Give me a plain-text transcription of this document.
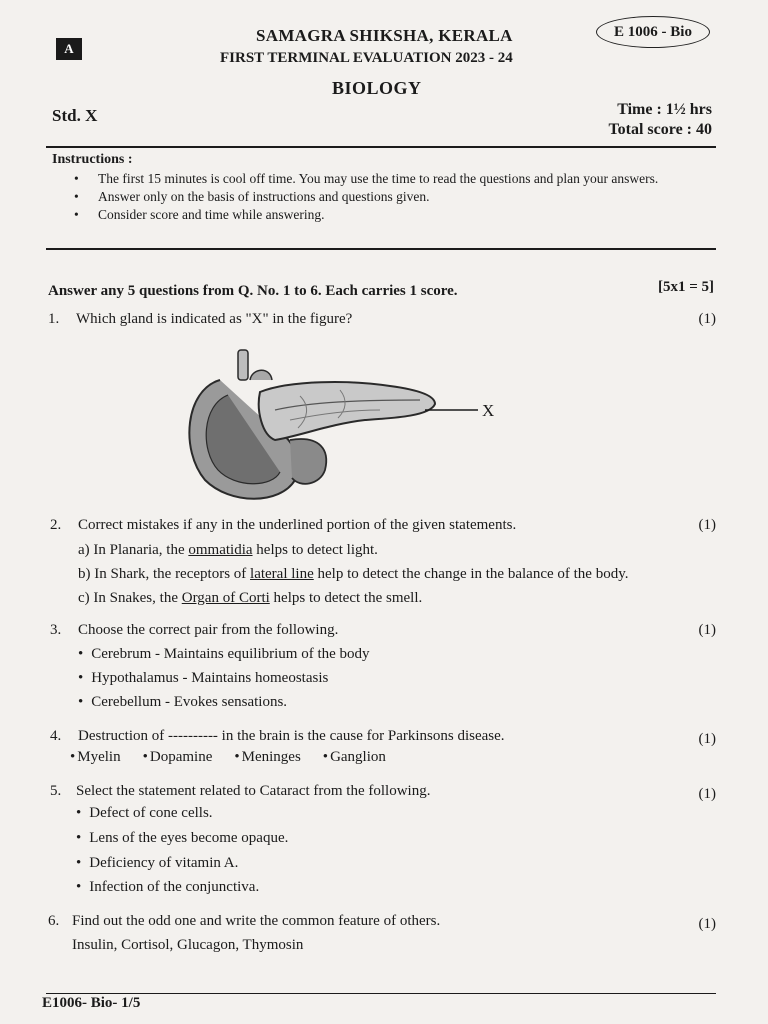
A
SAMAGRA SHIKSHA, KERALA	E 1006 - Bio
FIRST TERMINAL EVALUATION 2023 - 24
BIOLOGY
Std. X	Time : 1½ hrs
Total score : 40
Instructions :
• The first 15 minutes is cool off time. You may use the time to read the questions and plan your answers.
• Answer only on the basis of instructions and questions given.
• Consider score and time while answering.
Answer any 5 questions from Q. No. 1 to 6. Each carries 1 score.	[5x1 = 5]
1. Which gland is indicated as "X" in the figure?	(1)
X
2. Correct mistakes if any in the underlined portion of the given statements.	(1)
a) In Planaria, the ommatidia helps to detect light.
b) In Shark, the receptors of lateral line help to detect the change in the balance of the body.
c) In Snakes, the Organ of Corti helps to detect the smell.
3. Choose the correct pair from the following.	(1)
• Cerebrum - Maintains equilibrium of the body
• Hypothalamus - Maintains homeostasis
• Cerebellum - Evokes sensations.
4. Destruction of ---------- in the brain is the cause for Parkinsons disease.	(1)
• Myelin	• Dopamine	• Meninges	• Ganglion
5. Select the statement related to Cataract from the following.	(1)
• Defect of cone cells.
• Lens of the eyes become opaque.
• Deficiency of vitamin A.
• Infection of the conjunctiva.
6. Find out the odd one and write the common feature of others.	(1)
Insulin, Cortisol, Glucagon, Thymosin
E1006- Bio- 1/5
